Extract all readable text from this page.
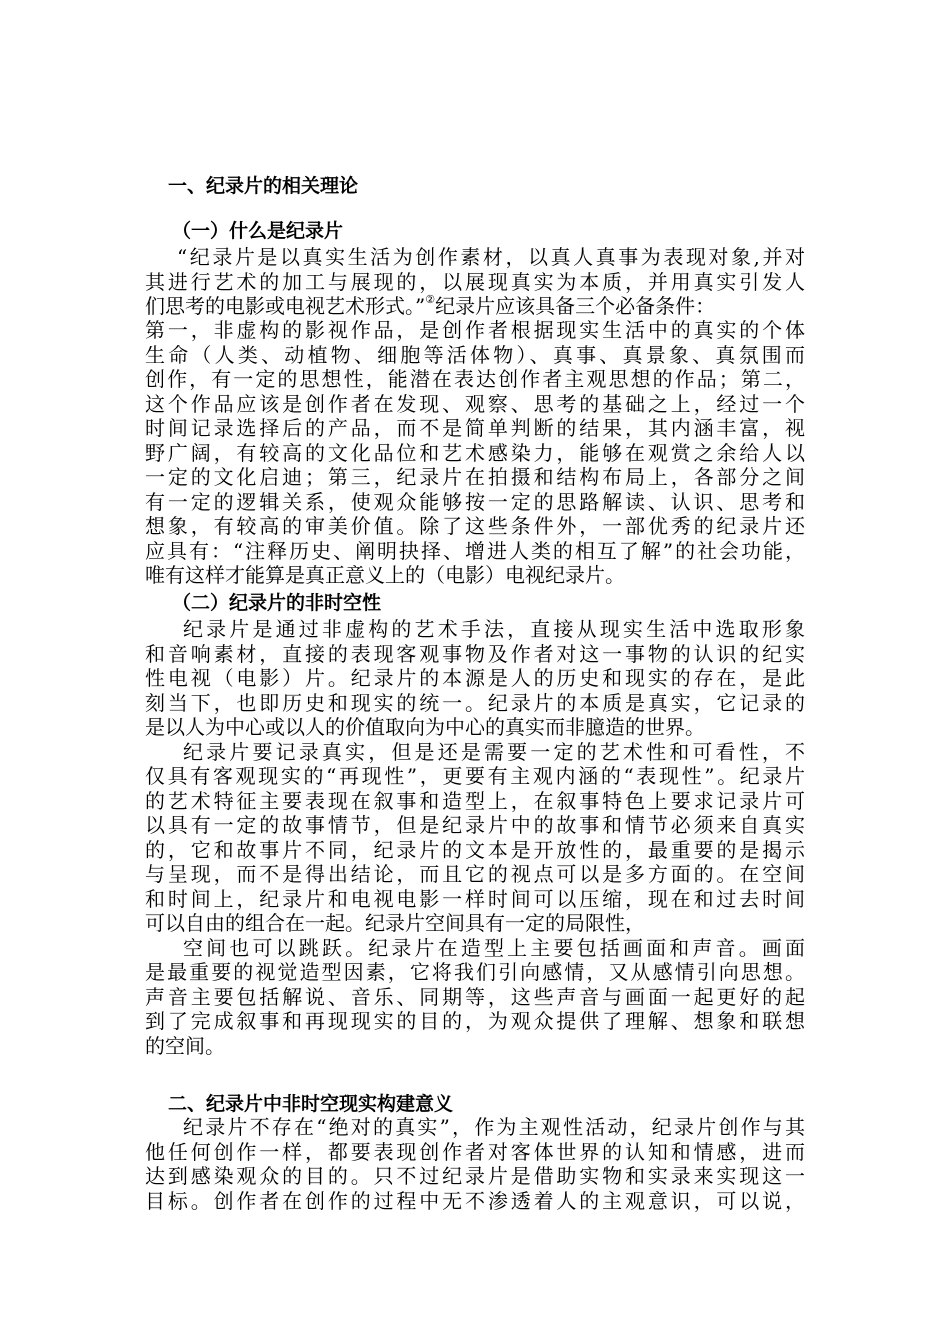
一、纪录片的相关理论
（一）什么是纪录片
“纪录片是以真实生活为创作素材，以真人真事为表现对象,并对
其进行艺术的加工与展现的，以展现真实为本质，并用真实引发人
们思考的电影或电视艺术形式。”②纪录片应该具备三个必备条件：
第一，非虚构的影视作品，是创作者根据现实生活中的真实的个体
生命（人类、动植物、细胞等活体物）、真事、真景象、真氛围而
创作，有一定的思想性，能潜在表达创作者主观思想的作品；第二，
这个作品应该是创作者在发现、观察、思考的基础之上，经过一个
时间记录选择后的产品，而不是简单判断的结果，其内涵丰富，视
野广阔，有较高的文化品位和艺术感染力，能够在观赏之余给人以
一定的文化启迪；第三，纪录片在拍摄和结构布局上，各部分之间
有一定的逻辑关系，使观众能够按一定的思路解读、认识、思考和
想象，有较高的审美价值。除了这些条件外，一部优秀的纪录片还
应具有：“注释历史、阐明抉择、增进人类的相互了解”的社会功能，
唯有这样才能算是真正意义上的（电影）电视纪录片。
（二）纪录片的非时空性
纪录片是通过非虚构的艺术手法，直接从现实生活中选取形象
和音响素材，直接的表现客观事物及作者对这一事物的认识的纪实
性电视（电影）片。纪录片的本源是人的历史和现实的存在，是此
刻当下，也即历史和现实的统一。纪录片的本质是真实，它记录的
是以人为中心或以人的价值取向为中心的真实而非臆造的世界。
纪录片要记录真实，但是还是需要一定的艺术性和可看性，不
仅具有客观现实的“再现性”，更要有主观内涵的“表现性”。纪录片
的艺术特征主要表现在叙事和造型上，在叙事特色上要求记录片可
以具有一定的故事情节，但是纪录片中的故事和情节必须来自真实
的，它和故事片不同，纪录片的文本是开放性的，最重要的是揭示
与呈现，而不是得出结论，而且它的视点可以是多方面的。在空间
和时间上，纪录片和电视电影一样时间可以压缩，现在和过去时间
可以自由的组合在一起。纪录片空间具有一定的局限性，
空间也可以跳跃。纪录片在造型上主要包括画面和声音。画面
是最重要的视觉造型因素，它将我们引向感情，又从感情引向思想。
声音主要包括解说、音乐、同期等，这些声音与画面一起更好的起
到了完成叙事和再现现实的目的，为观众提供了理解、想象和联想
的空间。
二、纪录片中非时空现实构建意义
纪录片不存在“绝对的真实”，作为主观性活动，纪录片创作与其
他任何创作一样，都要表现创作者对客体世界的认知和情感，进而
达到感染观众的目的。只不过纪录片是借助实物和实录来实现这一
目标。创作者在创作的过程中无不渗透着人的主观意识，可以说，
